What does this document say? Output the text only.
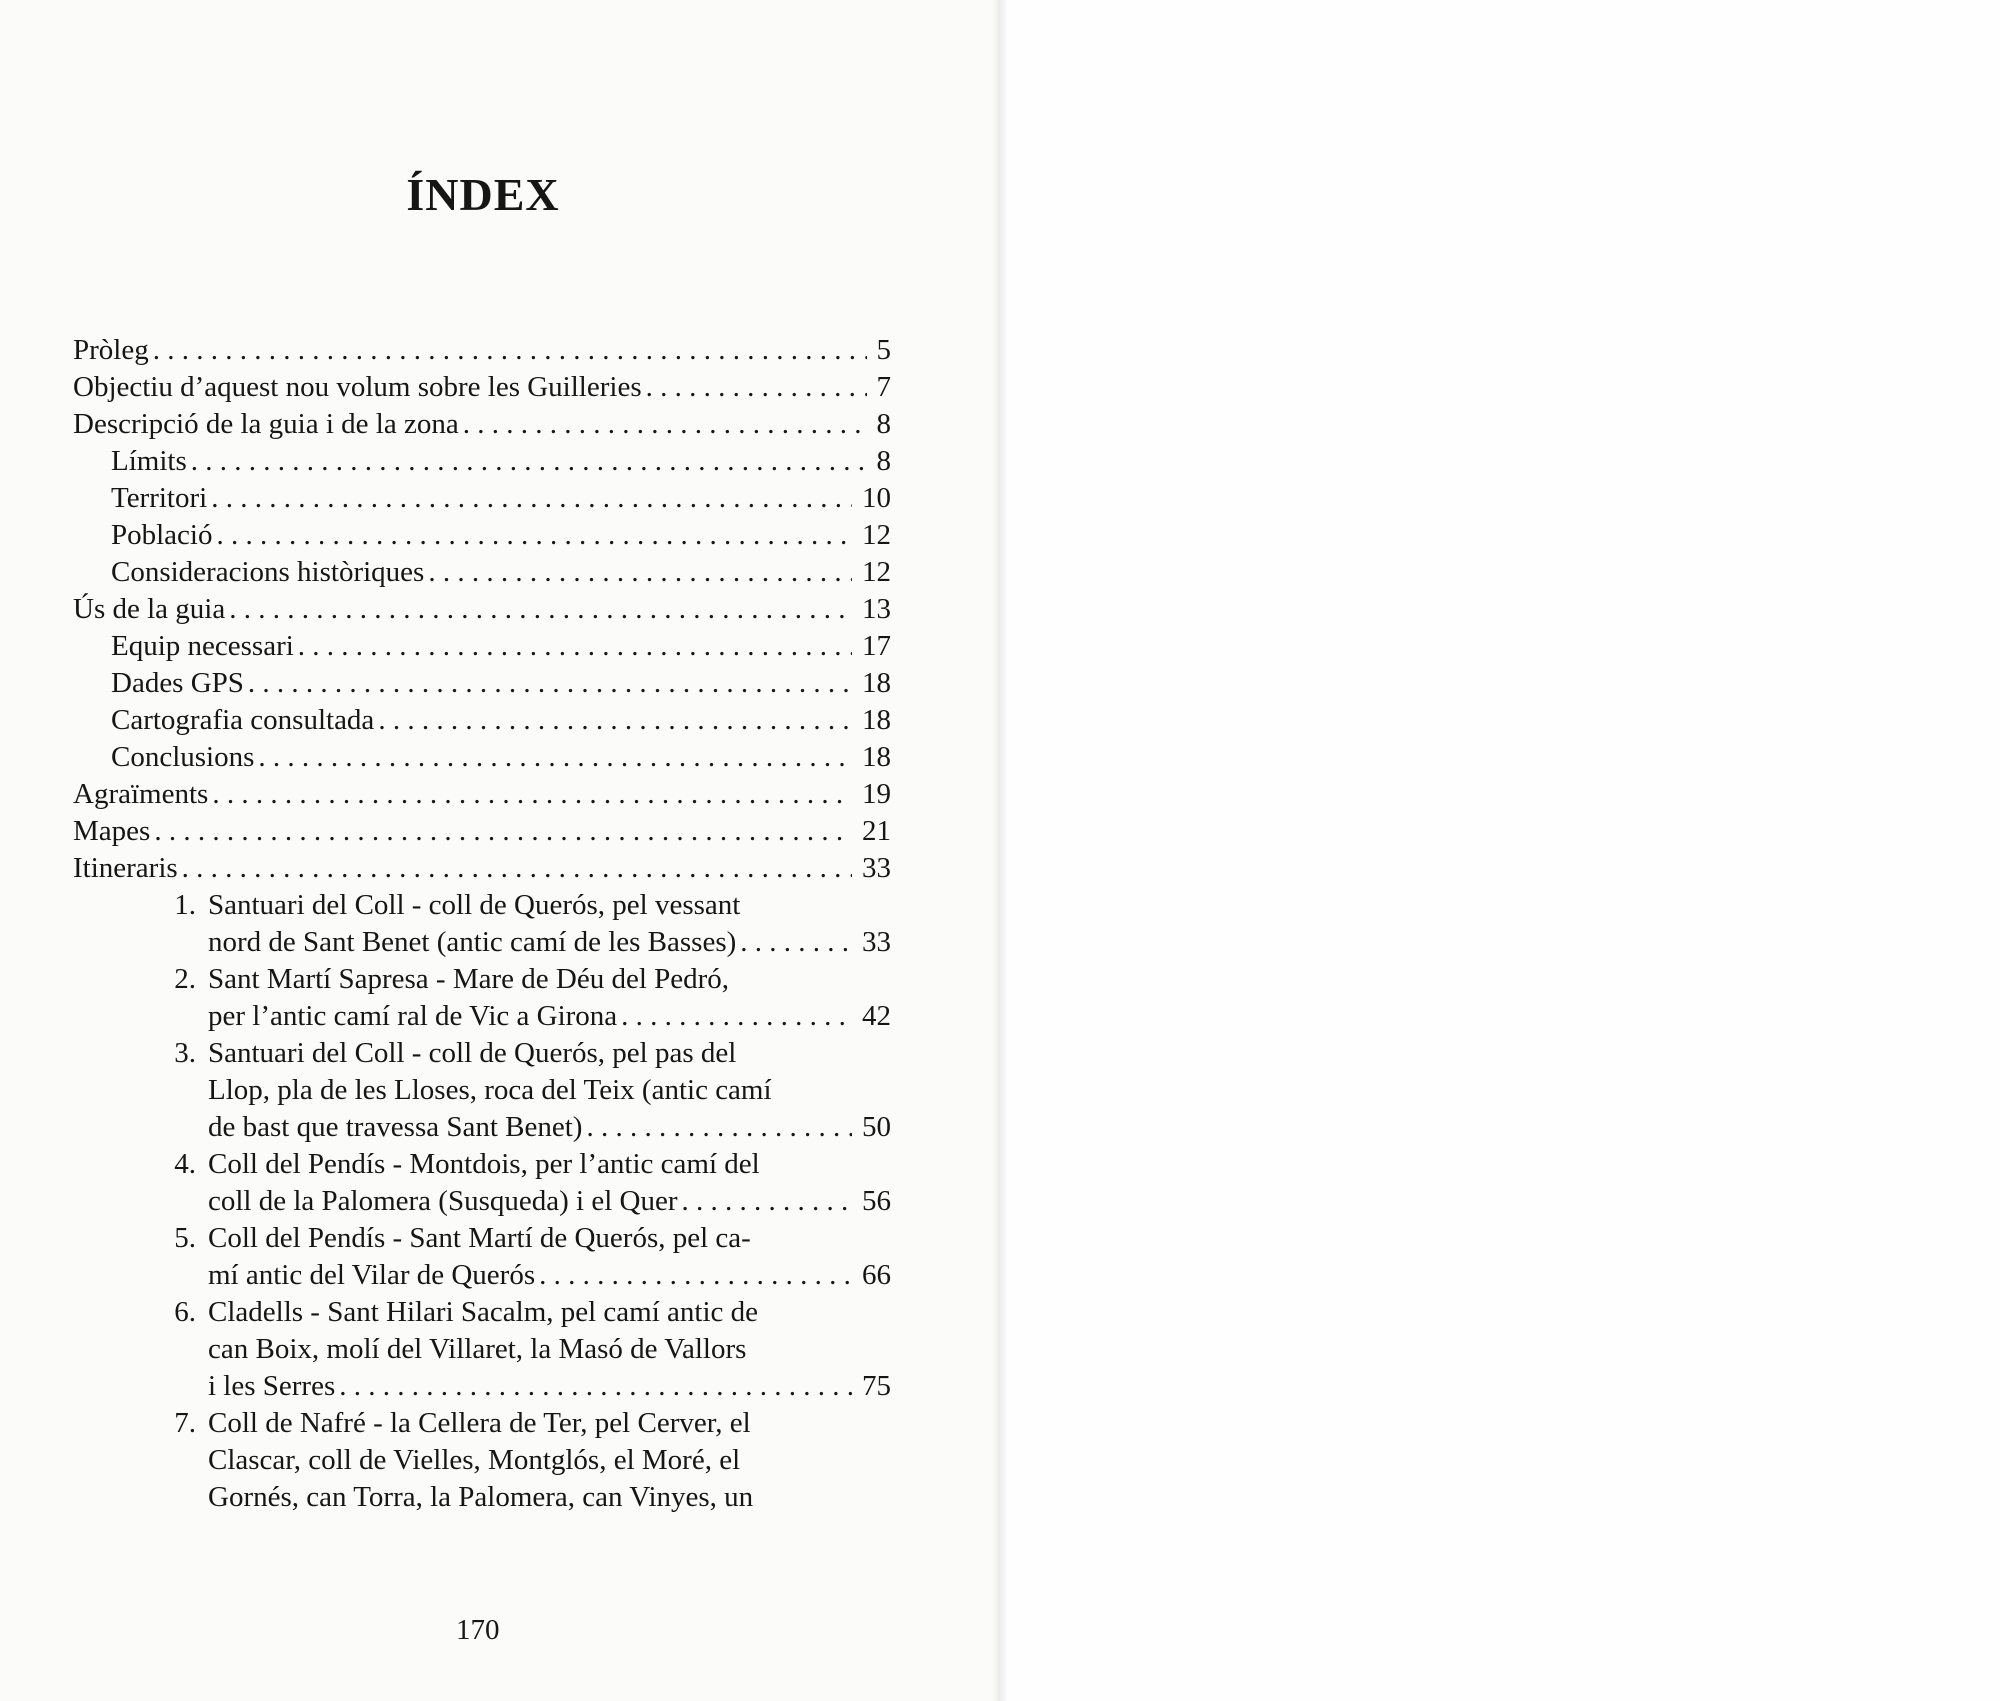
ÍNDEX
Pròleg . . .	5
Objectiu d’aquest nou volum sobre les Guilleries . . .	7
Descripció de la guia i de la zona . . .	8
Límits . . .	8
Territori . . .	10
Població . . .	12
Consideracions històriques . . .	12
Ús de la guia . . .	13
Equip necessari . . .	17
Dades GPS . . .	18
Cartografia consultada . . .	18
Conclusions . . .	18
Agraïments . . .	19
Mapes . . .	21
Itineraris . . .	33
1. Santuari del Coll - coll de Querós, pel vessant
nord de Sant Benet (antic camí de les Basses) . . .	33
2. Sant Martí Sapresa - Mare de Déu del Pedró,
per l’antic camí ral de Vic a Girona . . .	42
3. Santuari del Coll - coll de Querós, pel pas del
Llop, pla de les Lloses, roca del Teix (antic camí
de bast que travessa Sant Benet) . . .	50
4. Coll del Pendís - Montdois, per l’antic camí del
coll de la Palomera (Susqueda) i el Quer . . .	56
5. Coll del Pendís - Sant Martí de Querós, pel ca-
mí antic del Vilar de Querós . . .	66
6. Cladells - Sant Hilari Sacalm, pel camí antic de
can Boix, molí del Villaret, la Masó de Vallors
i les Serres . . .	75
7. Coll de Nafré - la Cellera de Ter, pel Cerver, el
Clascar, coll de Vielles, Montglós, el Moré, el
Gornés, can Torra, la Palomera, can Vinyes, un
170
